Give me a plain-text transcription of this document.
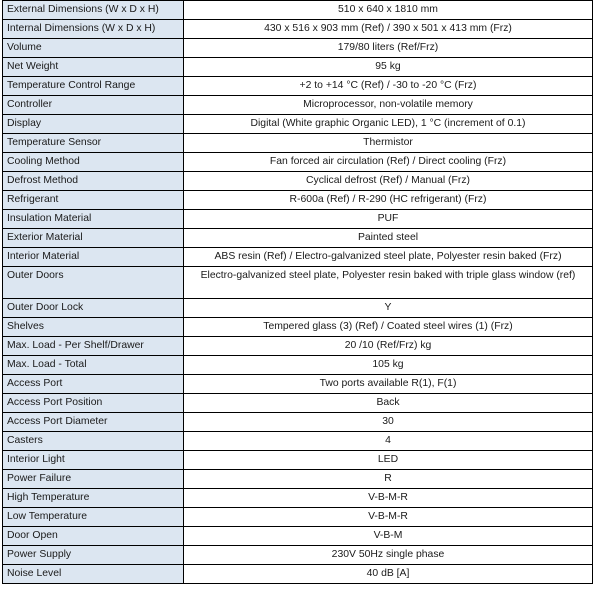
External Dimensions (W x D x H)	510 x 640 x 1810 mm
Internal Dimensions (W x D x H)	430 x 516 x 903 mm (Ref) / 390 x 501 x 413 mm (Frz)
Volume	179/80 liters (Ref/Frz)
Net Weight	95 kg
Temperature Control Range	+2 to +14 °C (Ref) / -30 to -20 °C (Frz)
Controller	Microprocessor, non-volatile memory
Display	Digital (White graphic Organic LED), 1 °C (increment of 0.1)
Temperature Sensor	Thermistor
Cooling Method	Fan forced air circulation (Ref) / Direct cooling (Frz)
Defrost Method	Cyclical defrost (Ref) / Manual (Frz)
Refrigerant	R-600a (Ref) / R-290 (HC refrigerant) (Frz)
Insulation Material	PUF
Exterior Material	Painted steel
Interior Material	ABS resin (Ref) / Electro-galvanized steel plate, Polyester resin baked (Frz)
Outer Doors	Electro-galvanized steel plate, Polyester resin baked with triple glass window (ref)
Outer Door Lock	Y
Shelves	Tempered glass (3) (Ref) / Coated steel wires (1) (Frz)
Max. Load - Per Shelf/Drawer	20 /10 (Ref/Frz) kg
Max. Load - Total	105 kg
Access Port	Two ports available R(1), F(1)
Access Port Position	Back
Access Port Diameter	30
Casters	4
Interior Light	LED
Power Failure	R
High Temperature	V-B-M-R
Low Temperature	V-B-M-R
Door Open	V-B-M
Power Supply	230V 50Hz single phase
Noise Level	40 dB [A]
